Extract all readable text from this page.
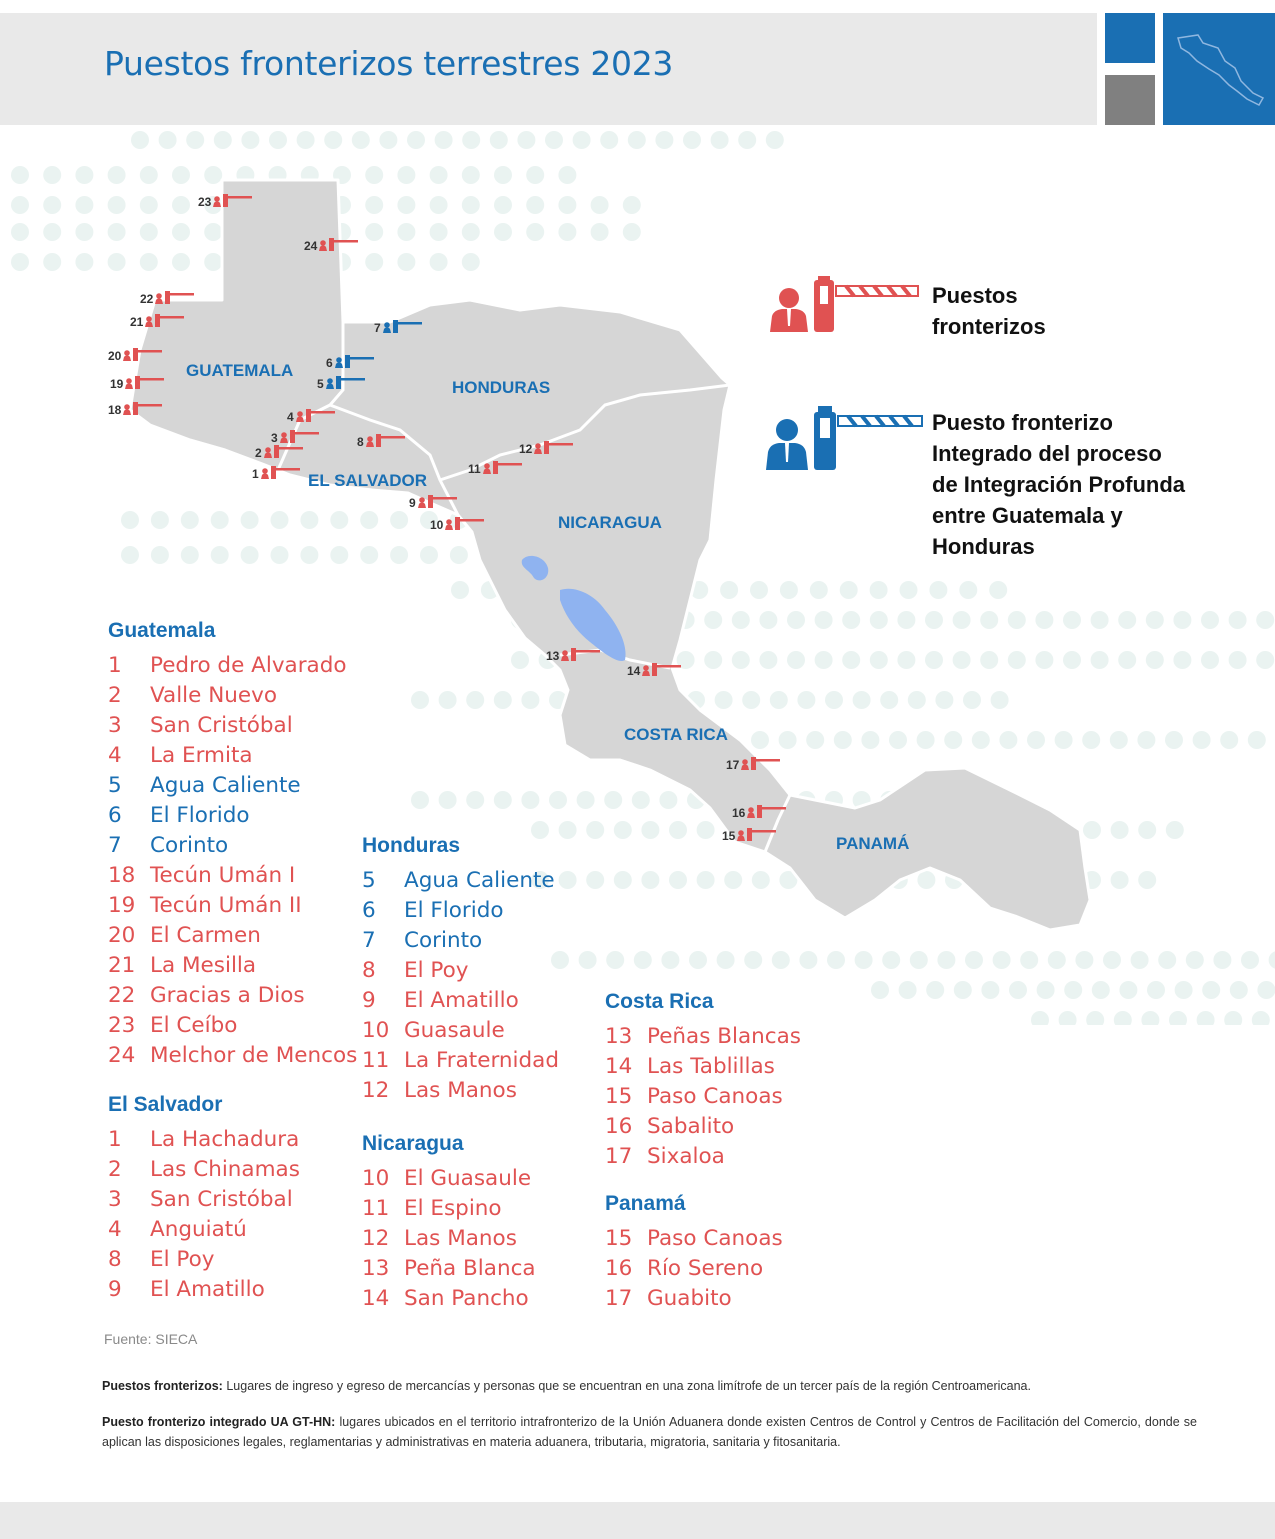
Puestos fronterizos terrestres 2023
GUATEMALA
HONDURAS
EL SALVADOR
NICARAGUA
COSTA RICA
PANAMÁ
23
24
22
21
20
19
18
7
6
5
4
3
2
1
8	12
11
9
10
13
14
17
16
15
Puestos
fronterizos
Puesto fronterizo
Integrado del proceso
de Integración Profunda
entre Guatemala y
Honduras
Guatemala
1 Pedro de Alvarado
2 Valle Nuevo
3 San Cristóbal
4 La Ermita
5 Agua Caliente
6 El Florido
7 Corinto
18 Tecún Umán I
19 Tecún Umán II
20 El Carmen
21 La Mesilla
22 Gracias a Dios
23 El Ceíbo
24 Melchor de Mencos
El Salvador
1 La Hachadura
2 Las Chinamas
3 San Cristóbal
4 Anguiatú
8 El Poy
9 El Amatillo
Honduras
5 Agua Caliente
6 El Florido
7 Corinto
8 El Poy
9 El Amatillo
10 Guasaule
11 La Fraternidad
12 Las Manos
Nicaragua
10 El Guasaule
11 El Espino
12 Las Manos
13 Peña Blanca
14 San Pancho
Costa Rica
13 Peñas Blancas
14 Las Tablillas
15 Paso Canoas
16 Sabalito
17 Sixaloa
Panamá
15 Paso Canoas
16 Río Sereno
17 Guabito
Fuente: SIECA
Puestos fronterizos: Lugares de ingreso y egreso de mercancías y personas que se encuentran en una zona limítrofe de un tercer país de la región Centroamericana.
Puesto fronterizo integrado UA GT-HN: lugares ubicados en el territorio intrafronterizo de la Unión Aduanera donde existen Centros de Control y Centros de Facilitación del Comercio, donde se aplican las disposiciones legales, reglamentarias y administrativas en materia aduanera, tributaria, migratoria, sanitaria y fitosanitaria.
